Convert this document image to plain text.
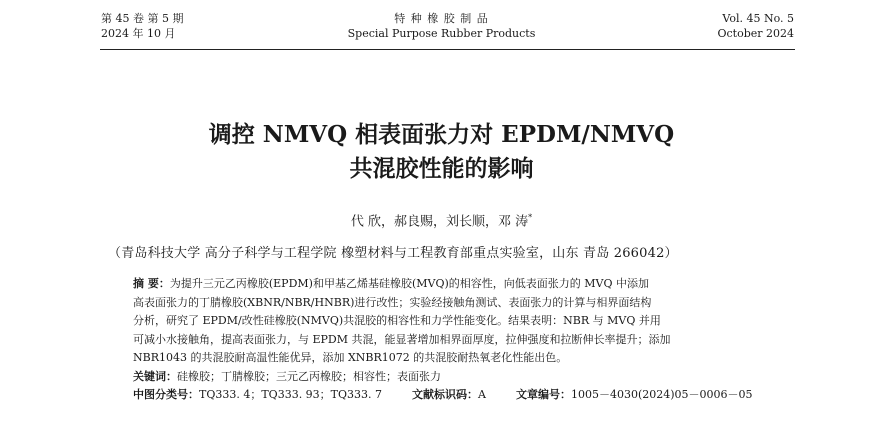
第 45 卷 第 5 期
2024 年 10 月
特 种 橡 胶 制 品
Special Purpose Rubber Products
Vol. 45 No. 5
October 2024
调控 NMVQ 相表面张力对 EPDM/NMVQ
共混胶性能的影响
代 欣，郝良赐，刘长顺，邓 涛*
（青岛科技大学 高分子科学与工程学院 橡塑材料与工程教育部重点实验室，山东 青岛 266042）
摘 要：为提升三元乙丙橡胶(EPDM)和甲基乙烯基硅橡胶(MVQ)的相容性，向低表面张力的 MVQ 中添加
高表面张力的丁腈橡胶(XBNR/NBR/HNBR)进行改性；实验经接触角测试、表面张力的计算与相界面结构
分析，研究了 EPDM/改性硅橡胶(NMVQ)共混胶的相容性和力学性能变化。结果表明：NBR 与 MVQ 并用
可减小水接触角，提高表面张力，与 EPDM 共混，能显著增加相界面厚度，拉伸强度和拉断伸长率提升；添加
NBR1043 的共混胶耐高温性能优异，添加 XNBR1072 的共混胶耐热氧老化性能出色。
关键词：硅橡胶；丁腈橡胶；三元乙丙橡胶；相容性；表面张力
中图分类号：TQ333. 4；TQ333. 93；TQ333. 7	文献标识码：A	文章编号：1005－4030(2024)05－0006－05
